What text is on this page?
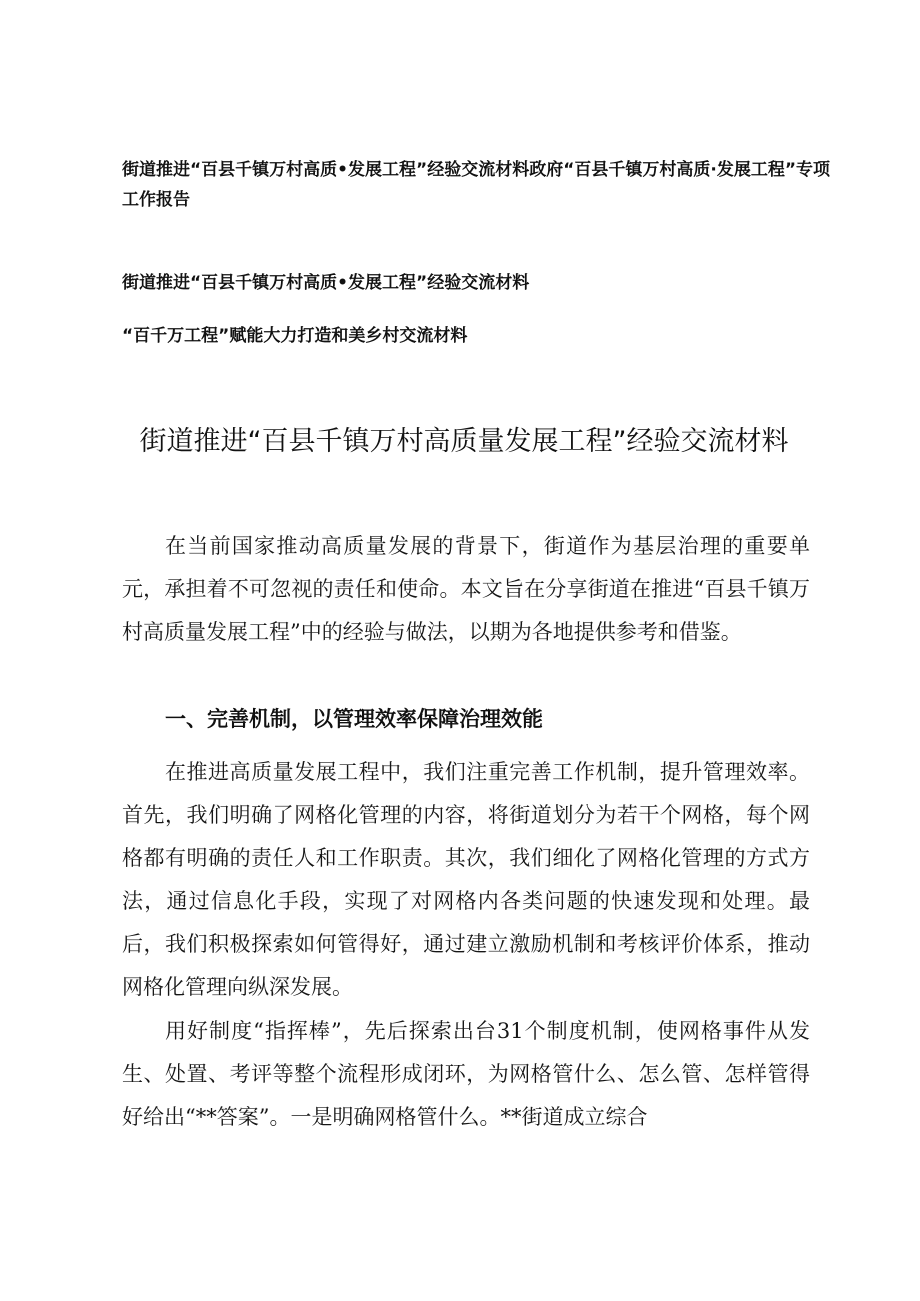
街道推进“百县千镇万村高质•发展工程”经验交流材料政府“百县千镇万村高质·发展工程”专项工作报告
街道推进“百县千镇万村高质•发展工程”经验交流材料
“百千万工程”赋能大力打造和美乡村交流材料
街道推进“百县千镇万村高质量发展工程”经验交流材料

在当前国家推动高质量发展的背景下，街道作为基层治理的重要单元，承担着不可忽视的责任和使命。本文旨在分享街道在推进“百县千镇万村高质量发展工程”中的经验与做法，以期为各地提供参考和借鉴。

一、完善机制，以管理效率保障治理效能

在推进高质量发展工程中，我们注重完善工作机制，提升管理效率。首先，我们明确了网格化管理的内容，将街道划分为若干个网格，每个网格都有明确的责任人和工作职责。其次，我们细化了网格化管理的方式方法，通过信息化手段，实现了对网格内各类问题的快速发现和处理。最后，我们积极探索如何管得好，通过建立激励机制和考核评价体系，推动网格化管理向纵深发展。

用好制度“指挥棒”，先后探索出台31个制度机制，使网格事件从发生、处置、考评等整个流程形成闭环，为网格管什么、怎么管、怎样管得好给出“**答案”。一是明确网格管什么。**街道成立综合
